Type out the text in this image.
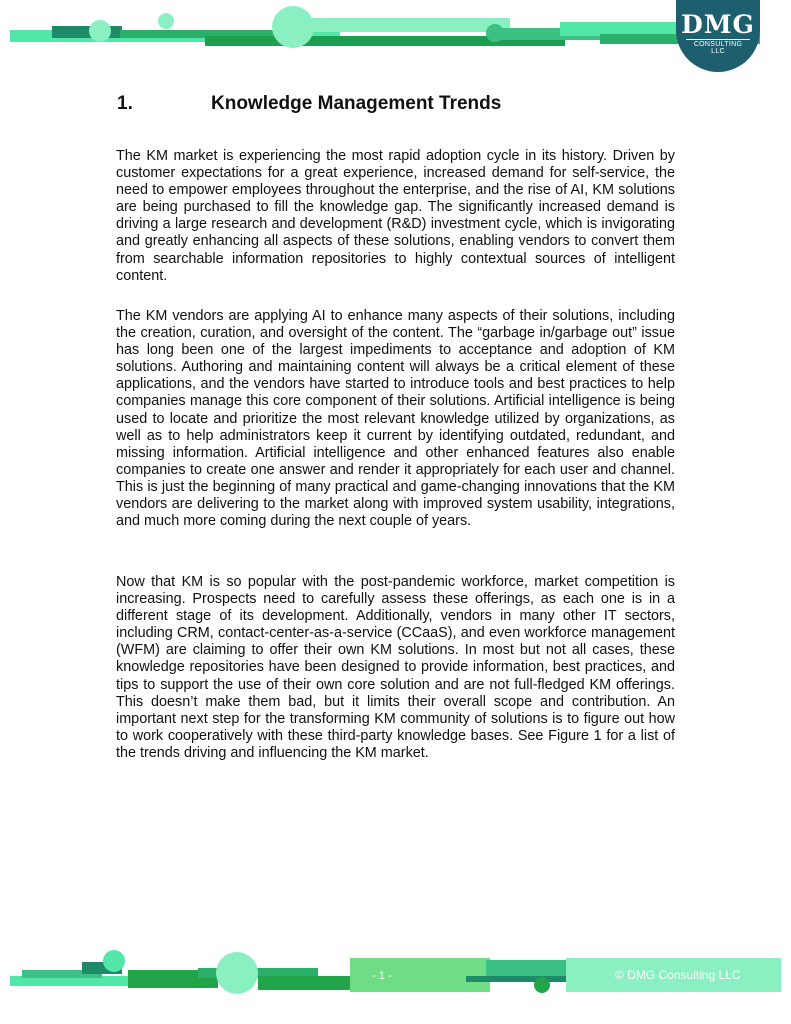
DMG
CONSULTING LLC
1.	Knowledge Management Trends

The KM market is experiencing the most rapid adoption cycle in its history. Driven by customer expectations for a great experience, increased demand for self-service, the need to empower employees throughout the enterprise, and the rise of AI, KM solutions are being purchased to fill the knowledge gap. The significantly increased demand is driving a large research and development (R&D) investment cycle, which is invigorating and greatly enhancing all aspects of these solutions, enabling vendors to convert them from searchable information repositories to highly contextual sources of intelligent content.

The KM vendors are applying AI to enhance many aspects of their solutions, including the creation, curation, and oversight of the content. The “garbage in/garbage out” issue has long been one of the largest impediments to acceptance and adoption of KM solutions. Authoring and maintaining content will always be a critical element of these applications, and the vendors have started to introduce tools and best practices to help companies manage this core component of their solutions. Artificial intelligence is being used to locate and prioritize the most relevant knowledge utilized by organizations, as well as to help administrators keep it current by identifying outdated, redundant, and missing information. Artificial intelligence and other enhanced features also enable companies to create one answer and render it appropriately for each user and channel. This is just the beginning of many practical and game-changing innovations that the KM vendors are delivering to the market along with improved system usability, integrations, and much more coming during the next couple of years.

Now that KM is so popular with the post-pandemic workforce, market competition is increasing. Prospects need to carefully assess these offerings, as each one is in a different stage of its development. Additionally, vendors in many other IT sectors, including CRM, contact-center-as-a-service (CCaaS), and even workforce management (WFM) are claiming to offer their own KM solutions. In most but not all cases, these knowledge repositories have been designed to provide information, best practices, and tips to support the use of their own core solution and are not full-fledged KM offerings. This doesn’t make them bad, but it limits their overall scope and contribution. An important next step for the transforming KM community of solutions is to figure out how to work cooperatively with these third-party knowledge bases. See Figure 1 for a list of the trends driving and influencing the KM market.

- 1 -	© DMG Consulting LLC
